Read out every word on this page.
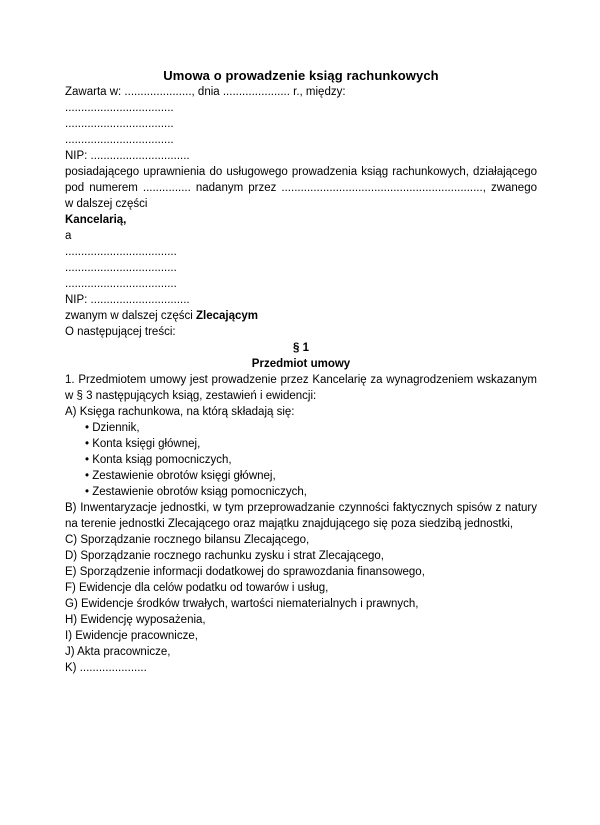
Umowa o prowadzenie ksiąg rachunkowych

Zawarta w: ....................., dnia ..................... r., między:

..................................

..................................

..................................

NIP: ...............................

posiadającego uprawnienia do usługowego prowadzenia ksiąg rachunkowych, działającego pod numerem ............... nadanym przez ..............................................................., zwanego w dalszej części

Kancelarią,

a

...................................

...................................

...................................

NIP: ...............................

zwanym w dalszej części Zlecającym

O następującej treści:

§ 1

Przedmiot umowy

1. Przedmiotem umowy jest prowadzenie przez Kancelarię za wynagrodzeniem wskazanym w § 3 następujących ksiąg, zestawień i ewidencji:

A) Księga rachunkowa, na którą składają się:

• Dziennik,

• Konta księgi głównej,

• Konta ksiąg pomocniczych,

• Zestawienie obrotów księgi głównej,

• Zestawienie obrotów ksiąg pomocniczych,

B) Inwentaryzacje jednostki, w tym przeprowadzanie czynności faktycznych spisów z natury na terenie jednostki Zlecającego oraz majątku znajdującego się poza siedzibą jednostki,

C) Sporządzanie rocznego bilansu Zlecającego,

D) Sporządzanie rocznego rachunku zysku i strat Zlecającego,

E) Sporządzenie informacji dodatkowej do sprawozdania finansowego,

F) Ewidencje dla celów podatku od towarów i usług,

G) Ewidencje środków trwałych, wartości niematerialnych i prawnych,

H) Ewidencję wyposażenia,

I) Ewidencje pracownicze,

J) Akta pracownicze,

K) .....................
